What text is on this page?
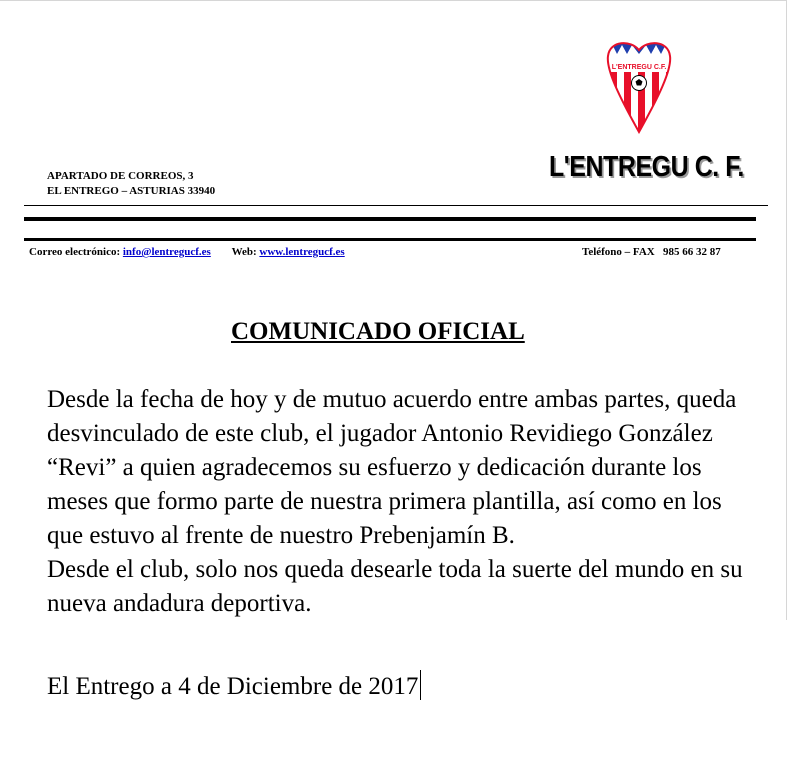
L'ENTREGU C.F.
APARTADO DE CORREOS, 3
EL ENTREGO – ASTURIAS 33940
L'ENTREGU C. F.
Correo electrónico: info@lentregucf.es Web: www.lentregucf.es	Teléfono – FAX 985 66 32 87
COMUNICADO OFICIAL

Desde la fecha de hoy y de mutuo acuerdo entre ambas partes, queda desvinculado de este club, el jugador Antonio Revidiego González “Revi” a quien agradecemos su esfuerzo y dedicación durante los meses que formo parte de nuestra primera plantilla, así como en los que estuvo al frente de nuestro Prebenjamín B.

Desde el club, solo nos queda desearle toda la suerte del mundo en su nueva andadura deportiva.

El Entrego a 4 de Diciembre de 2017
